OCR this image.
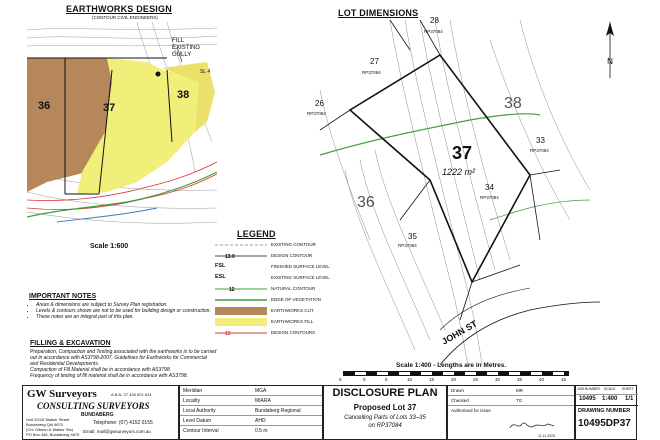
EARTHWORKS DESIGN
(CONTOUR CIVIL ENGINEERS)
FILL EXISTING GULLY
SL 4
36	37
38
Scale 1:600
LOT DIMENSIONS
N
37
1222 m²
28
27
26	38
33
34
35
36
RP37084
RP37084
RP37084
RP37084
RP37084
RP37084
JOHN ST
Scale 1:400 - Lengths are in Metres.
5	0	5	10	15	20	25	30	35	40	45
LEGEND
EXISTING CONTOUR
13.0	DESIGN CONTOUR
FSL	FINISHED SURFACE LEVEL
ESL	EXISTING SURFACE LEVEL
12	NATURAL CONTOUR
EDGE OF VEGETATION
EARTHWORKS CUT
EARTHWORKS FILL
13	DESIGN CONTOURS
IMPORTANT NOTES
• Areas & dimensions are subject to Survey Plan registration.
• Levels & contours shown are not to be used for building design or construction.
• These notes are an integral part of this plan.
FILLING & EXCAVATION
Preparation, Compaction and Testing associated with the earthworks is to be carried
out in accordance with AS3798-2007, Guidelines for Earthworks for Commercial
and Residential Developments.
Compaction of Fill Material shall be in accordance with AS3798.
Frequency of testing of fill material shall be in accordance with AS3798.
GW Surveyors	A.B.N. 27 433 001 814
CONSULTING SURVEYORS
BUNDABERG
Unit 3/218 Walker Street
Bundaberg Qld 4670
(Cnr Gibson & Walker Sts)
PO Box 446, Bundaberg 4670
Telephone: (07) 4152 0155
Email: mail@gwsurveyors.com.au
Meridian	MGA
Locality	MIARA
Local Authority	Bundaberg Regional
Level Datum	AHD
Contour Interval	0.5 m
DISCLOSURE PLAN
Proposed Lot 37
Cancelling Parts of Lots 33–35
on RP37084
Drawn	MR
Checked	TG
Authorised for issue
11.11.2023
JOB NUMBER SCALE SHEET
10495 1:400 1/1
DRAWING NUMBER
10495DP37
